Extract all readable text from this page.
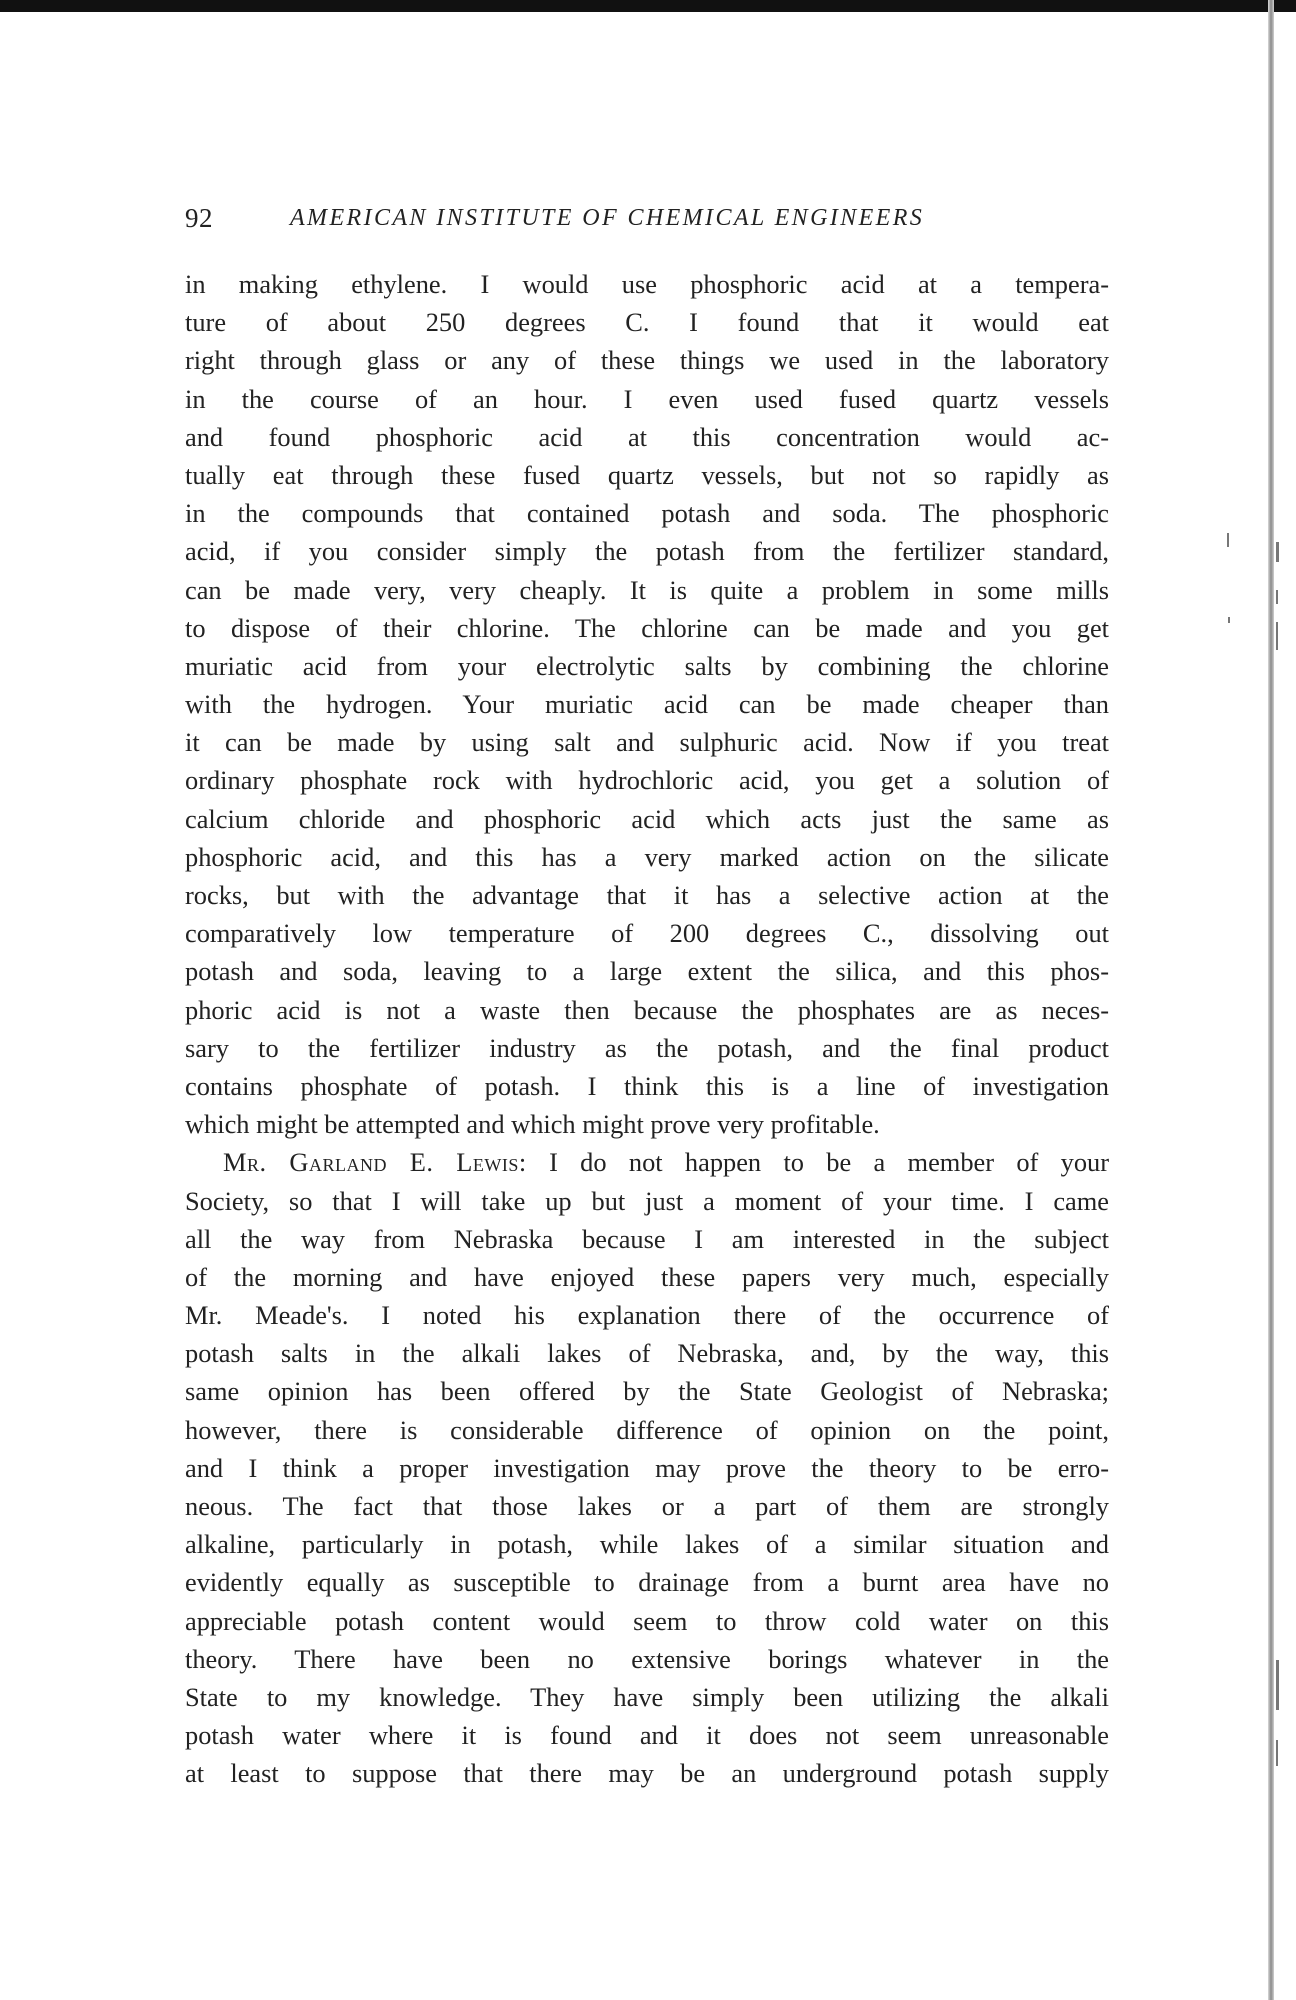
92	AMERICAN INSTITUTE OF CHEMICAL ENGINEERS
in making ethylene. I would use phosphoric acid at a tempera-
ture of about 250 degrees C. I found that it would eat
right through glass or any of these things we used in the laboratory
in the course of an hour. I even used fused quartz vessels
and found phosphoric acid at this concentration would ac-
tually eat through these fused quartz vessels, but not so rapidly as
in the compounds that contained potash and soda. The phosphoric
acid, if you consider simply the potash from the fertilizer standard,
can be made very, very cheaply. It is quite a problem in some mills
to dispose of their chlorine. The chlorine can be made and you get
muriatic acid from your electrolytic salts by combining the chlorine
with the hydrogen. Your muriatic acid can be made cheaper than
it can be made by using salt and sulphuric acid. Now if you treat
ordinary phosphate rock with hydrochloric acid, you get a solution of
calcium chloride and phosphoric acid which acts just the same as
phosphoric acid, and this has a very marked action on the silicate
rocks, but with the advantage that it has a selective action at the
comparatively low temperature of 200 degrees C., dissolving out
potash and soda, leaving to a large extent the silica, and this phos-
phoric acid is not a waste then because the phosphates are as neces-
sary to the fertilizer industry as the potash, and the final product
contains phosphate of potash. I think this is a line of investigation
which might be attempted and which might prove very profitable.
Mr. Garland E. Lewis: I do not happen to be a member of your
Society, so that I will take up but just a moment of your time. I came
all the way from Nebraska because I am interested in the subject
of the morning and have enjoyed these papers very much, especially
Mr. Meade's. I noted his explanation there of the occurrence of
potash salts in the alkali lakes of Nebraska, and, by the way, this
same opinion has been offered by the State Geologist of Nebraska;
however, there is considerable difference of opinion on the point,
and I think a proper investigation may prove the theory to be erro-
neous. The fact that those lakes or a part of them are strongly
alkaline, particularly in potash, while lakes of a similar situation and
evidently equally as susceptible to drainage from a burnt area have no
appreciable potash content would seem to throw cold water on this
theory. There have been no extensive borings whatever in the
State to my knowledge. They have simply been utilizing the alkali
potash water where it is found and it does not seem unreasonable
at least to suppose that there may be an underground potash supply
